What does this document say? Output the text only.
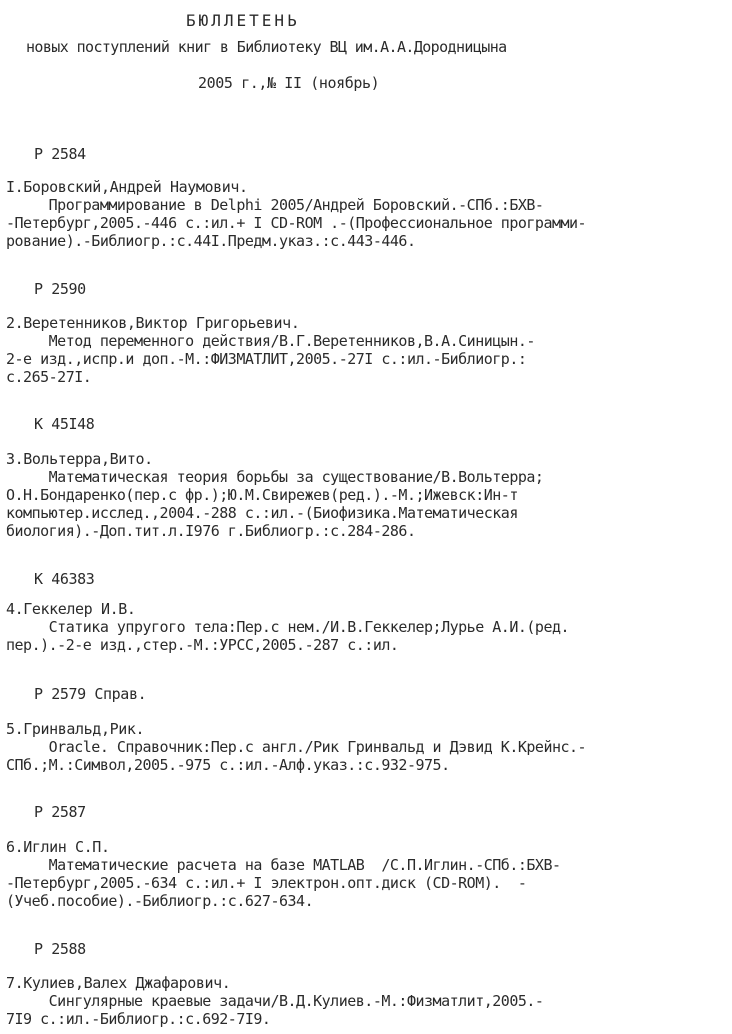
БЮЛЛЕТЕНЬ
новых поступлений книг в Библиотеку ВЦ им.А.А.Дородницына
2005 г.,№ II (ноябрь)
Р 2584
I.Боровский,Андрей Наумович.
Программирование в Delphi 2005/Андрей Боровский.-СПб.:БХВ-
-Петербург,2005.-446 с.:ил.+ I CD-ROM .-(Профессиональное программи-
рование).-Библиогр.:с.44I.Предм.указ.:с.443-446.
Р 2590
2.Веретенников,Виктор Григорьевич.
Метод переменного действия/В.Г.Веретенников,В.А.Синицын.-
2-е изд.,испр.и доп.-М.:ФИЗМАТЛИТ,2005.-27I с.:ил.-Библиогр.:
с.265-27I.
К 45I48
3.Вольтерра,Вито.
Математическая теория борьбы за существование/В.Вольтерра;
О.Н.Бондаренко(пер.с фр.);Ю.М.Свирежев(ред.).-М.;Ижевск:Ин-т
компьютер.исслед.,2004.-288 с.:ил.-(Биофизика.Математическая
биология).-Доп.тит.л.I976 г.Библиогр.:с.284-286.
К 46383
4.Геккелер И.В.
Статика упругого тела:Пер.с нем./И.В.Геккелер;Лурье А.И.(ред.
пер.).-2-е изд.,стер.-М.:УРСС,2005.-287 с.:ил.
Р 2579 Справ.
5.Гринвальд,Рик.
Oracle. Справочник:Пер.с англ./Рик Гринвальд и Дэвид К.Крейнс.-
СПб.;М.:Символ,2005.-975 с.:ил.-Алф.указ.:с.932-975.
Р 2587
6.Иглин С.П.
Математические расчета на базе MATLAB  /С.П.Иглин.-СПб.:БХВ-
-Петербург,2005.-634 с.:ил.+ I электрон.опт.диск (CD-ROM).  -
(Учеб.пособие).-Библиогр.:с.627-634.
Р 2588
7.Кулиев,Валех Джафарович.
Сингулярные краевые задачи/В.Д.Кулиев.-М.:Физматлит,2005.-
7I9 с.:ил.-Библиогр.:с.692-7I9.
